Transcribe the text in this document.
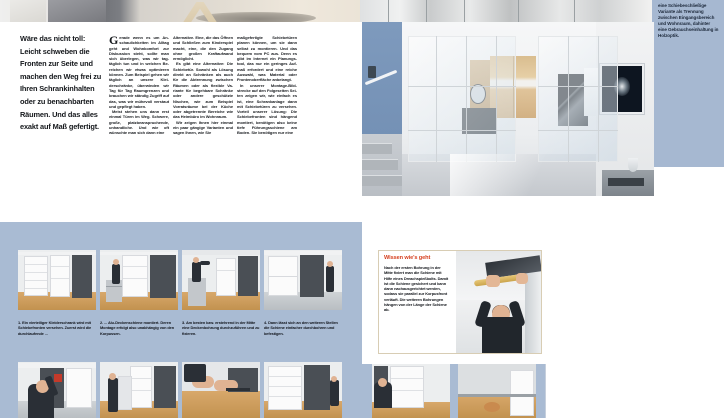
eine Schiebeschließige Variante als Trennung zwischen Eingangsbereich und Wohnraum, dahinter eine Gebrauchseinhaltung in Holzoptik.
Wäre das nicht toll: Leicht schweben die Fronten zur Seite und machen den Weg frei zu Ihren Schrankinhalten oder zu benachbarten Räumen. Und das alles exakt auf Maß gefertigt.

Gerade wenn es um Anschaulichkeiten im Alltag geht und Wohnkomfort zur Diskussion steht, sollte man sich überlegen, was wir tagtäglich tun und in welchen Bereichen wir etwas optimieren können. Zum Beispiel gehen wir täglich an unsere Kleiderschränke, überwinden wir Tag für Tag Raumgrenzen und brauchen wir ständig Zugriff auf das, was wir mühevoll verstaut und gepflegt haben.

Meist stehen uns dann erst einmal Türen im Weg. Schwere, große, platzbeanspruchende, unhandliche. Und wie oft wünschte man sich dann eine

Alternative. Eine, die das Öffnen und Schließen zum Kinderspiel macht, eine, die den Zugang ohne großen Kraftaufwand ermöglicht.

Es gibt eine Alternative: Die Schiebetür. Sowohl als Lösung direkt an Schränken als auch für die Abtrennung zwischen Räumen oder als flexible Variante für begehbare Schränke oder andere geschützte Nischen, wie zum Beispiel Vorratsräume bei der Küche oder abgetrennte Bereiche wie das Heimbüro im Wohnraum.

Wir zeigen Ihnen hier einmal ein paar gängige Varianten und sagen Ihnen, wie Sie

maßgefertigte Schiebetüren planen können, um sie dann selbst zu montieren. Und das bequem vom PC aus. Denn es gibt im Internet ein Planungstool, das nur ein geringes Aufmaß erfordert und eine reiche Auswahl, was Material oder Frontenoberfläche anbelangt.

In unserer Montage-Bildstrecke auf den Folgeseiten Seiten zeigen wir, wie einfach es ist, eine Schrankanlage dann mit Schiebetüren zu versehen. Vorteil unserer Lösung: Die Schiebefronten sind hängend montiert, benötigen also keine tiefe Führungsschiene am Boden. Sie benötigen nur eine

1. Ein vierteiliger Kleiderschrank wird mit Schiebefronten versehen. Zuerst wird die durchlaufende ...
2. ... Alu-Deckenschiene montiert. Deren Montage erfolgt also unabhängig von den Korpussen.
3. Am besten bzw. erstehrend in der Mitte eine Deckenbohrung durchzuführen und zu fixieren.
4. Dann lässt sich an den weiteren Stellen die Schiene einfacher durchbohren und befestigen.
Wissen wie's geht
Nach der ersten Bohrung in der Mitte fixiert man die Schiene mit Hilfe eines Dreachspießbolts. Damit ist die Schiene gesichert und kann dann nachausgerichtet werden, sodass sie parallel zur Korpusfront verläuft. Die weiteren Bohrungen hängen von der Länge der Schiene ab.
